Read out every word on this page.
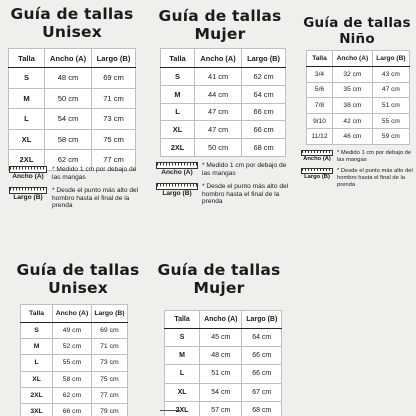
Guía de tallas
Unisex
Talla	Ancho (A)	Largo (B)
S	48 cm	69 cm
M	50 cm	71 cm
L	54 cm	73 cm
XL	58 cm	75 cm
2XL	62 cm	77 cm
Ancho (A)
* Medido 1 cm por debajo de las mangas
Largo (B)
* Desde el punto más alto del hombro hasta el final de la prenda
Guía de tallas
Mujer
Talla	Ancho (A)	Largo (B)
S	41 cm	62 cm
M	44 cm	64 cm
L	47 cm	66 cm
XL	47 cm	66 cm
2XL	50 cm	68 cm
Ancho (A)
* Medido 1 cm por debajo de las mangas
Largo (B)
* Desde el punto más alto del hombro hasta el final de la prenda
Guía de tallas
Niño
Talla	Ancho (A)	Largo (B)
3/4	32 cm	43 cm
5/6	35 cm	47 cm
7/8	38 cm	51 cm
9/10	42 cm	55 cm
11/12	46 cm	59 cm
Ancho (A)
* Medido 1 cm por debajo de las mangas
Largo (B)
* Desde el punto más alto del hombro hasta el final de la prenda
Guía de tallas
Unisex
Talla	Ancho (A)	Largo (B)
S	49 cm	69 cm
M	52 cm	71 cm
L	55 cm	73 cm
XL	58 cm	75 cm
2XL	62 cm	77 cm
3XL	66 cm	79 cm
Guía de tallas
Mujer
Talla	Ancho (A)	Largo (B)
S	45 cm	64 cm
M	48 cm	66 cm
L	51 cm	66 cm
XL	54 cm	67 cm
2XL	57 cm	68 cm
